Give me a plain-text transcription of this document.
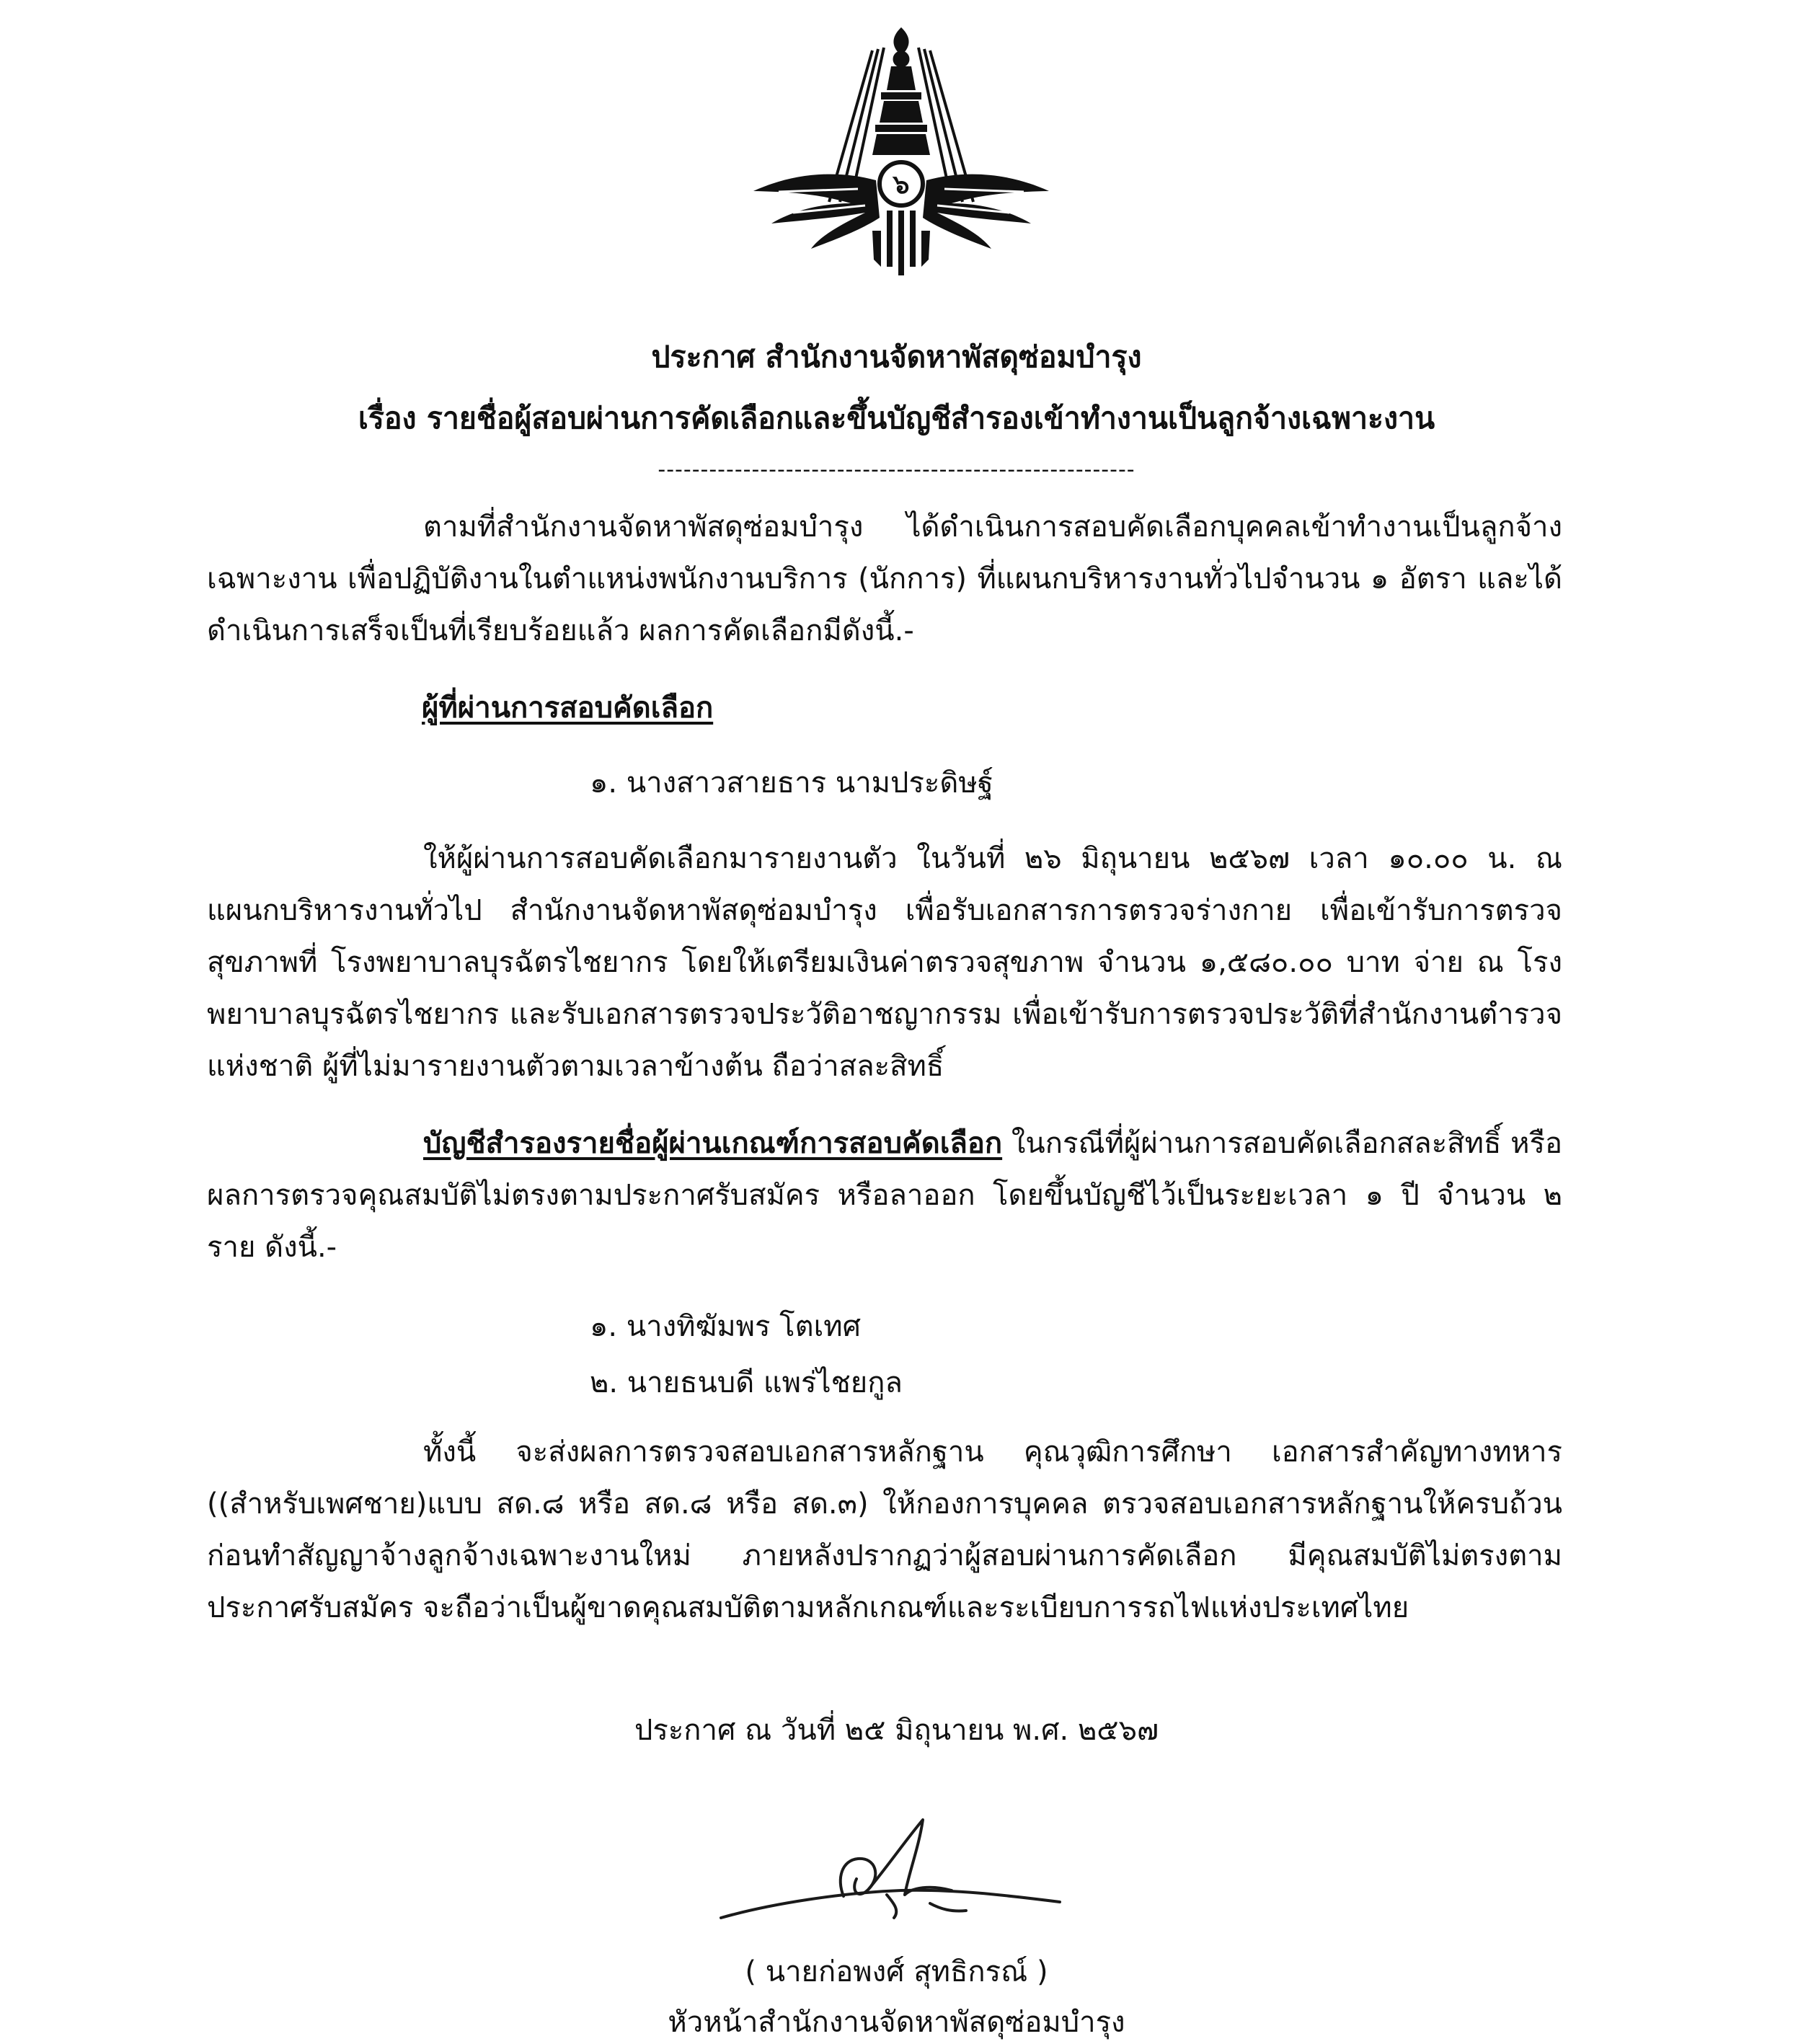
๖
ประกาศ สำนักงานจัดหาพัสดุซ่อมบำรุง
เรื่อง รายชื่อผู้สอบผ่านการคัดเลือกและขึ้นบัญชีสำรองเข้าทำงานเป็นลูกจ้างเฉพาะงาน
--------------------------------------------------------
ตามที่สำนักงานจัดหาพัสดุซ่อมบำรุง ได้ดำเนินการสอบคัดเลือกบุคคลเข้าทำงานเป็นลูกจ้างเฉพาะงาน เพื่อปฏิบัติงานในตำแหน่งพนักงานบริการ (นักการ) ที่แผนกบริหารงานทั่วไปจำนวน ๑ อัตรา และได้ดำเนินการเสร็จเป็นที่เรียบร้อยแล้ว ผลการคัดเลือกมีดังนี้.-
ผู้ที่ผ่านการสอบคัดเลือก
๑. นางสาวสายธาร นามประดิษฐ์
ให้ผู้ผ่านการสอบคัดเลือกมารายงานตัว ในวันที่ ๒๖ มิถุนายน ๒๕๖๗ เวลา ๑๐.๐๐ น. ณ แผนกบริหารงานทั่วไป สำนักงานจัดหาพัสดุซ่อมบำรุง เพื่อรับเอกสารการตรวจร่างกาย เพื่อเข้ารับการตรวจสุขภาพที่ โรงพยาบาลบุรฉัตรไชยากร โดยให้เตรียมเงินค่าตรวจสุขภาพ จำนวน ๑,๕๘๐.๐๐ บาท จ่าย ณ โรงพยาบาลบุรฉัตรไชยากร และรับเอกสารตรวจประวัติอาชญากรรม เพื่อเข้ารับการตรวจประวัติที่สำนักงานตำรวจแห่งชาติ ผู้ที่ไม่มารายงานตัวตามเวลาข้างต้น ถือว่าสละสิทธิ์
บัญชีสำรองรายชื่อผู้ผ่านเกณฑ์การสอบคัดเลือก ในกรณีที่ผู้ผ่านการสอบคัดเลือกสละสิทธิ์ หรือผลการตรวจคุณสมบัติไม่ตรงตามประกาศรับสมัคร หรือลาออก โดยขึ้นบัญชีไว้เป็นระยะเวลา ๑ ปี จำนวน ๒ ราย ดังนี้.-
๑. นางทิฆัมพร โตเทศ
๒. นายธนบดี แพร่ไชยกูล
ทั้งนี้ จะส่งผลการตรวจสอบเอกสารหลักฐาน คุณวุฒิการศึกษา เอกสารสำคัญทางทหาร ((สำหรับเพศชาย)แบบ สด.๘ หรือ สด.๘ หรือ สด.๓) ให้กองการบุคคล ตรวจสอบเอกสารหลักฐานให้ครบถ้วน ก่อนทำสัญญาจ้างลูกจ้างเฉพาะงานใหม่ ภายหลังปรากฏว่าผู้สอบผ่านการคัดเลือก มีคุณสมบัติไม่ตรงตามประกาศรับสมัคร จะถือว่าเป็นผู้ขาดคุณสมบัติตามหลักเกณฑ์และระเบียบการรถไฟแห่งประเทศไทย
ประกาศ ณ วันที่ ๒๕ มิถุนายน พ.ศ. ๒๕๖๗
( นายก่อพงศ์ สุทธิกรณ์ )
หัวหน้าสำนักงานจัดหาพัสดุซ่อมบำรุง
